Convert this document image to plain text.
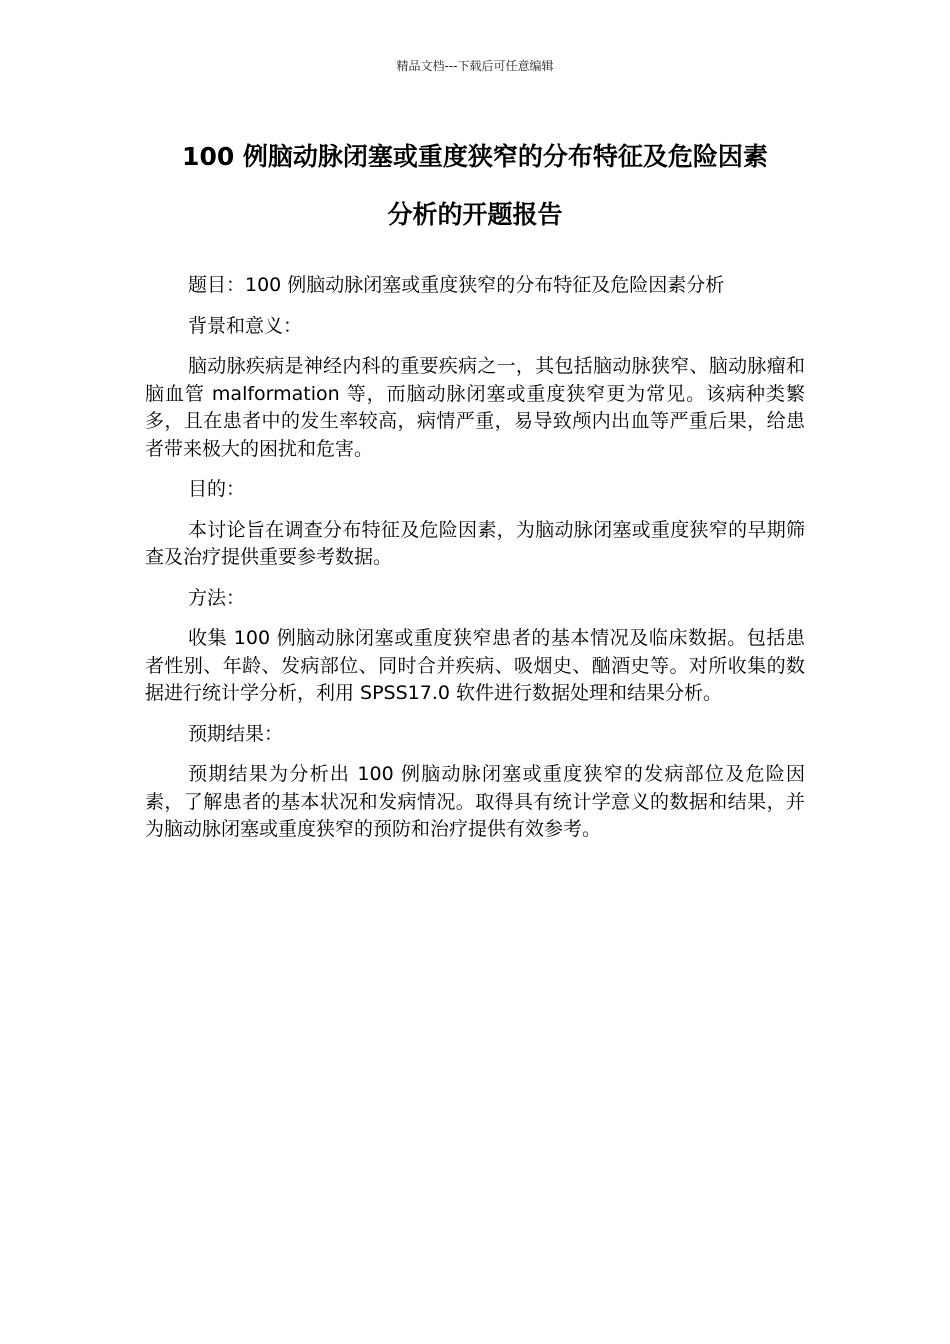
精品文档---下载后可任意编辑
100 例脑动脉闭塞或重度狭窄的分布特征及危险因素
分析的开题报告

题目：100 例脑动脉闭塞或重度狭窄的分布特征及危险因素分析

背景和意义：

脑动脉疾病是神经内科的重要疾病之一，其包括脑动脉狭窄、脑动脉瘤和脑血管 malformation 等，而脑动脉闭塞或重度狭窄更为常见。该病种类繁多，且在患者中的发生率较高，病情严重，易导致颅内出血等严重后果，给患者带来极大的困扰和危害。

目的：

本讨论旨在调查分布特征及危险因素，为脑动脉闭塞或重度狭窄的早期筛查及治疗提供重要参考数据。

方法：

收集 100 例脑动脉闭塞或重度狭窄患者的基本情况及临床数据。包括患者性别、年龄、发病部位、同时合并疾病、吸烟史、酗酒史等。对所收集的数据进行统计学分析，利用 SPSS17.0 软件进行数据处理和结果分析。

预期结果：

预期结果为分析出 100 例脑动脉闭塞或重度狭窄的发病部位及危险因素，了解患者的基本状况和发病情况。取得具有统计学意义的数据和结果，并为脑动脉闭塞或重度狭窄的预防和治疗提供有效参考。
